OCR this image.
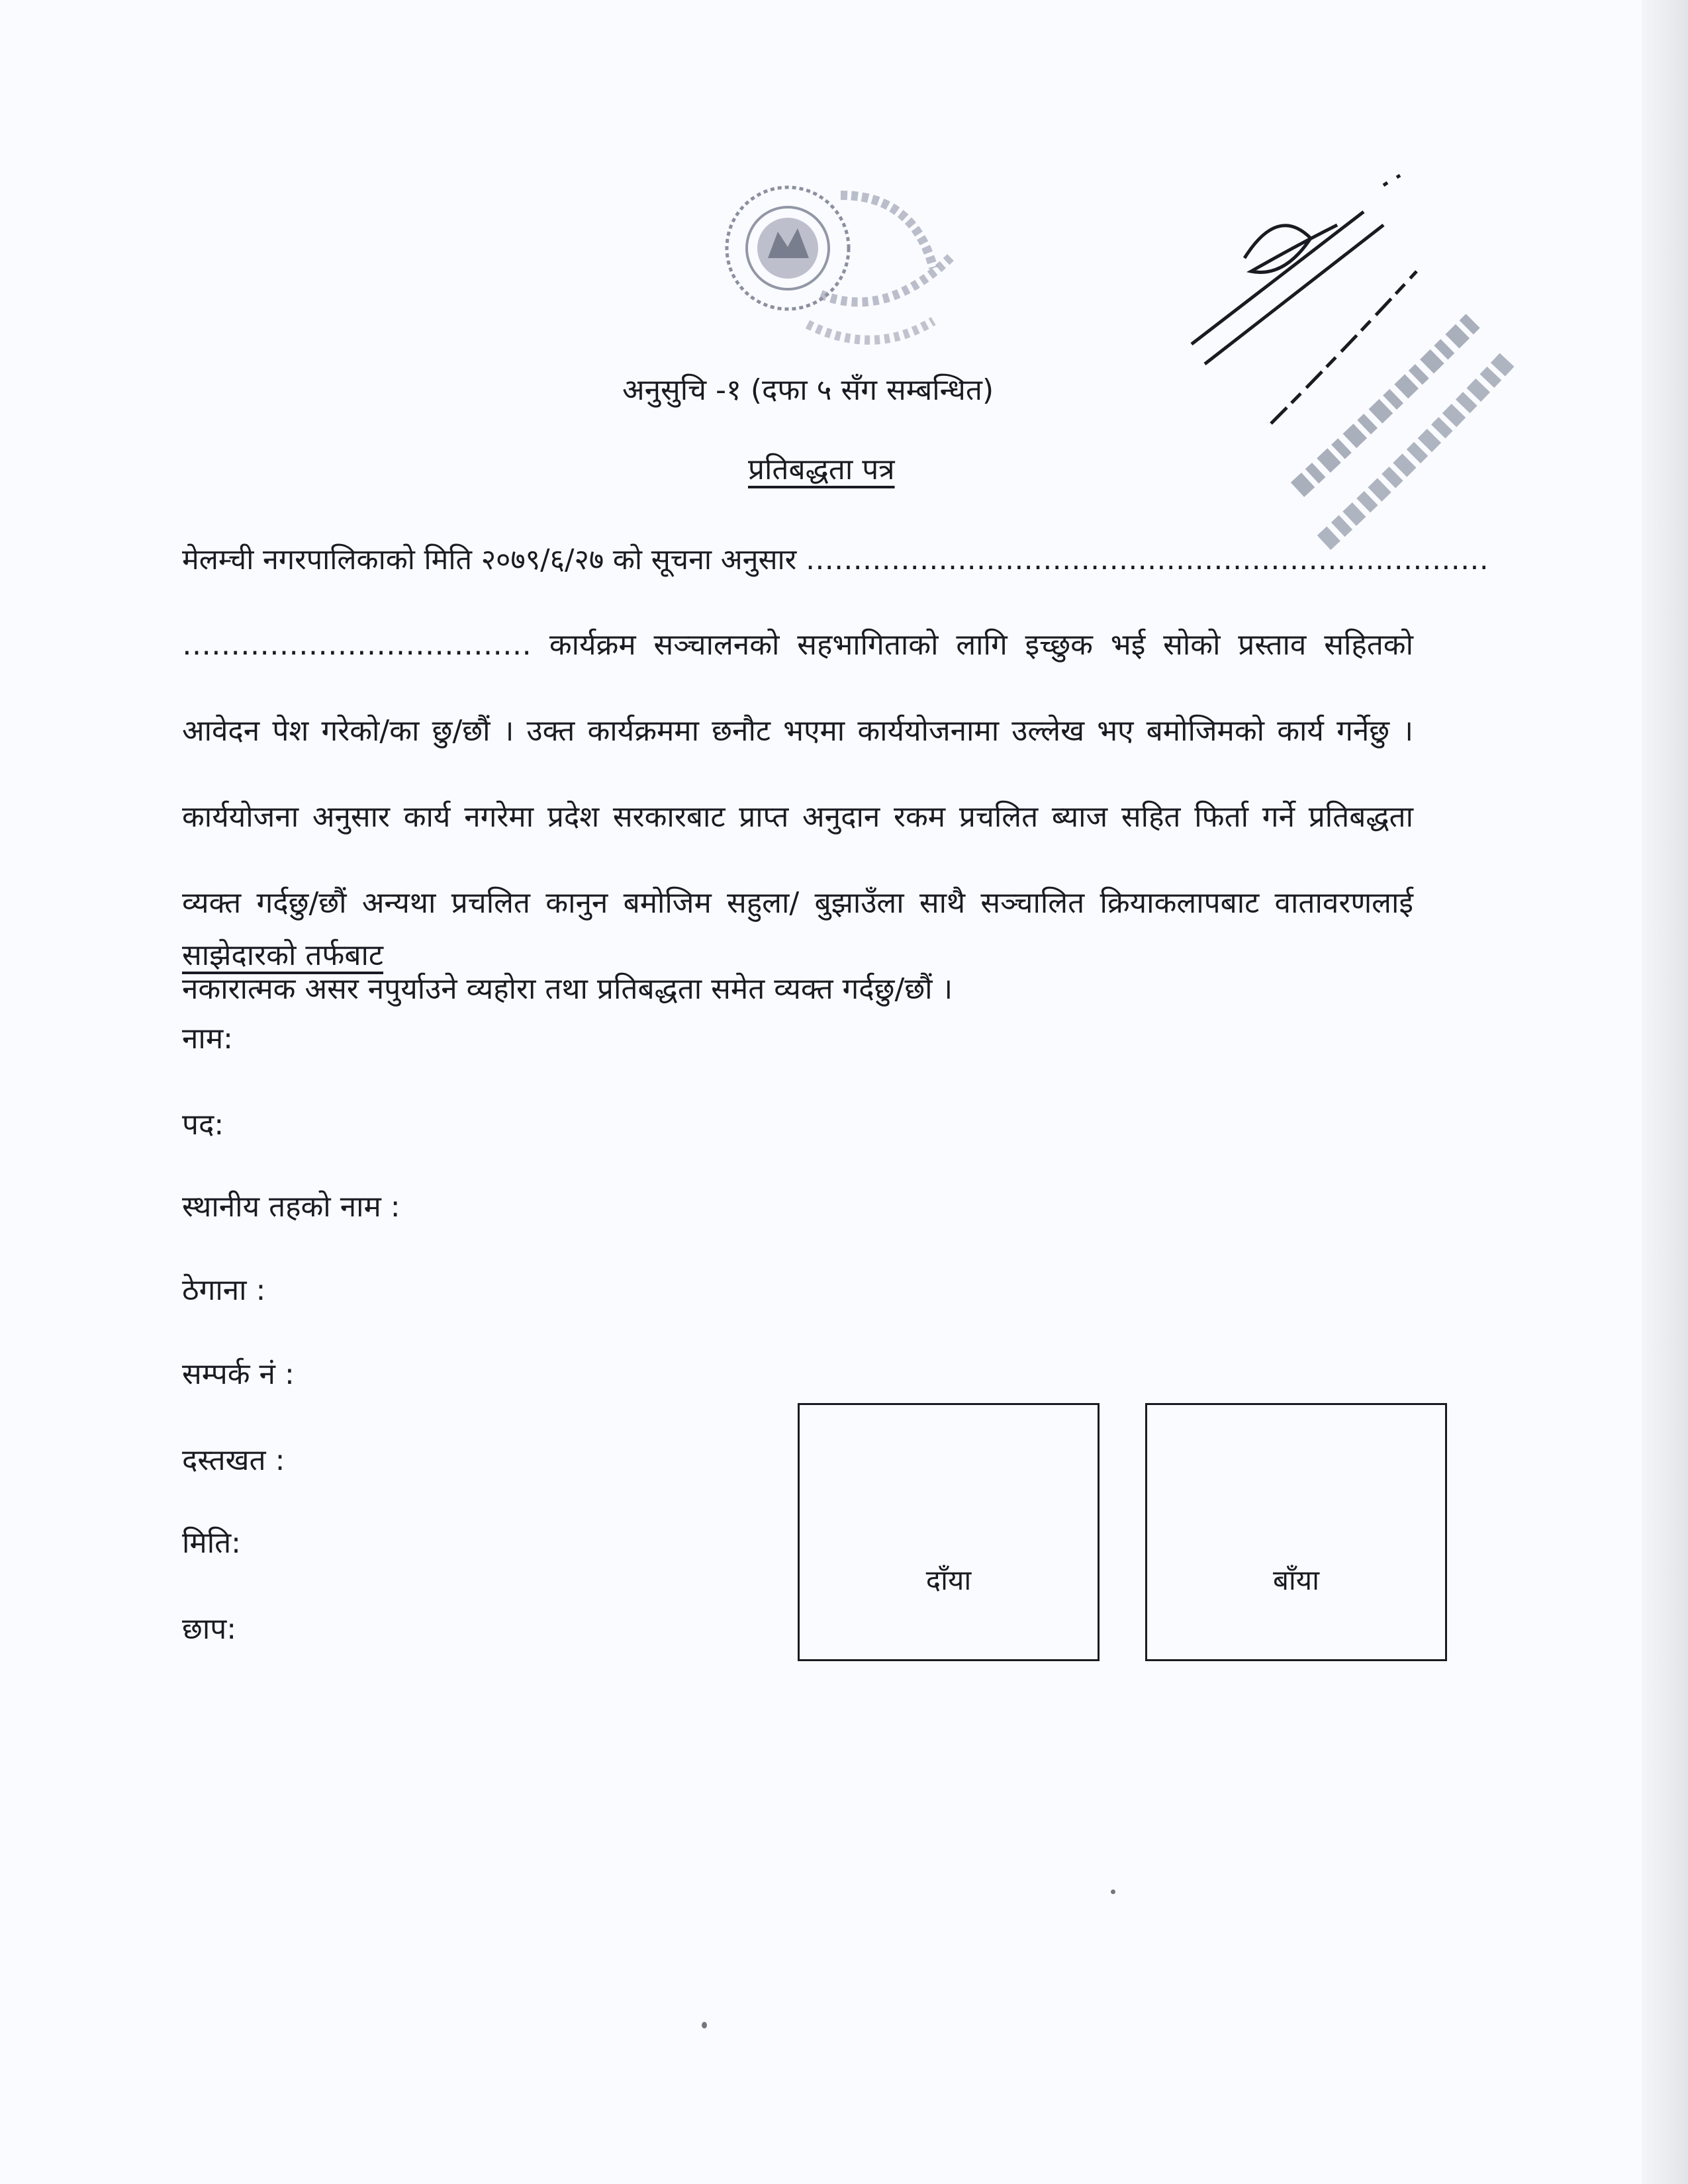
अनुसुचि -१ (दफा ५ सँग सम्बन्धित)
प्रतिबद्धता पत्र
मेलम्ची नगरपालिकाको मिति २०७९/६/२७ को सूचना अनुसार ………………………………………………………………
……………………………… कार्यक्रम सञ्चालनको सहभागिताको लागि इच्छुक भई सोको प्रस्ताव सहितको आवेदन पेश गरेको/का छु/छौं । उक्त कार्यक्रममा छनौट भएमा कार्ययोजनामा उल्लेख भए बमोजिमको कार्य गर्नेछु ।कार्ययोजना अनुसार कार्य नगरेमा प्रदेश सरकारबाट प्राप्त अनुदान रकम प्रचलित ब्याज सहित फिर्ता गर्ने प्रतिबद्धता व्यक्त गर्दछु/छौं अन्यथा प्रचलित कानुन बमोजिम सहुला/ बुझाउँला साथै सञ्चालित क्रियाकलापबाट वातावरणलाई नकारात्मक असर नपुर्याउने व्यहोरा तथा प्रतिबद्धता समेत व्यक्त गर्दछु/छौं ।
साझेदारको तर्फबाट
नाम:
पद:
स्थानीय तहको नाम :
ठेगाना :
सम्पर्क नं :
दस्तखत :
मिति:
छाप:
दाँया	बाँया
